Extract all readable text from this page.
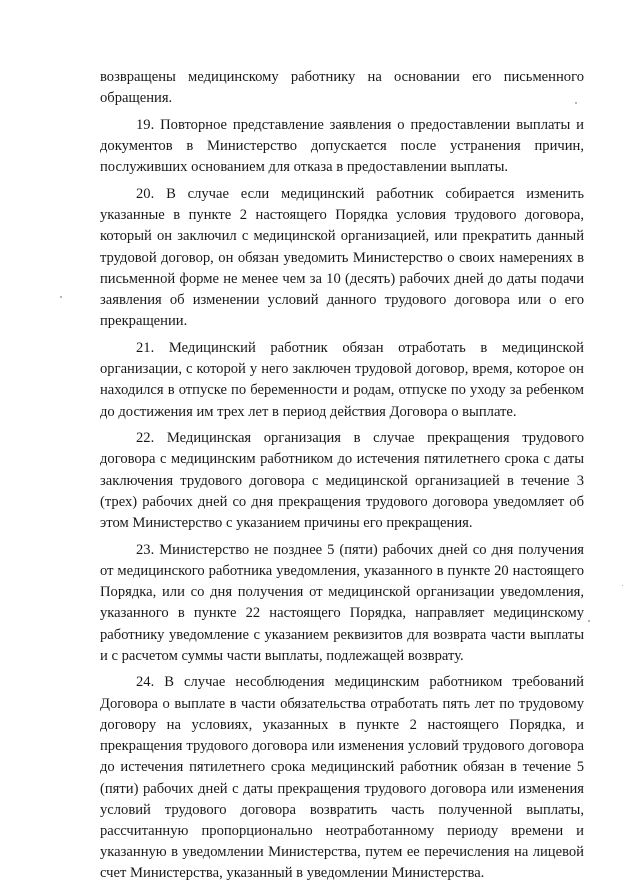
возвращены медицинскому работнику на основании его письменного обращения.

19. Повторное представление заявления о предоставлении выплаты и документов в Министерство допускается после устранения причин, послуживших основанием для отказа в предоставлении выплаты.

20. В случае если медицинский работник собирается изменить указанные в пункте 2 настоящего Порядка условия трудового договора, который он заключил с медицинской организацией, или прекратить данный трудовой договор, он обязан уведомить Министерство о своих намерениях в письменной форме не менее чем за 10 (десять) рабочих дней до даты подачи заявления об изменении условий данного трудового договора или о его прекращении.

21. Медицинский работник обязан отработать в медицинской организации, с которой у него заключен трудовой договор, время, которое он находился в отпуске по беременности и родам, отпуске по уходу за ребенком до достижения им трех лет в период действия Договора о выплате.

22. Медицинская организация в случае прекращения трудового договора с медицинским работником до истечения пятилетнего срока с даты заключения трудового договора с медицинской организацией в течение 3 (трех) рабочих дней со дня прекращения трудового договора уведомляет об этом Министерство с указанием причины его прекращения.

23. Министерство не позднее 5 (пяти) рабочих дней со дня получения от медицинского работника уведомления, указанного в пункте 20 настоящего Порядка, или со дня получения от медицинской организации уведомления, указанного в пункте 22 настоящего Порядка, направляет медицинскому работнику уведомление с указанием реквизитов для возврата части выплаты и с расчетом суммы части выплаты, подлежащей возврату.

24. В случае несоблюдения медицинским работником требований Договора о выплате в части обязательства отработать пять лет по трудовому договору на условиях, указанных в пункте 2 настоящего Порядка, и прекращения трудового договора или изменения условий трудового договора до истечения пятилетнего срока медицинский работник обязан в течение 5 (пяти) рабочих дней с даты прекращения трудового договора или изменения условий трудового договора возвратить часть полученной выплаты, рассчитанную пропорционально неотработанному периоду времени и указанную в уведомлении Министерства, путем ее перечисления на лицевой счет Министерства, указанный в уведомлении Министерства.
